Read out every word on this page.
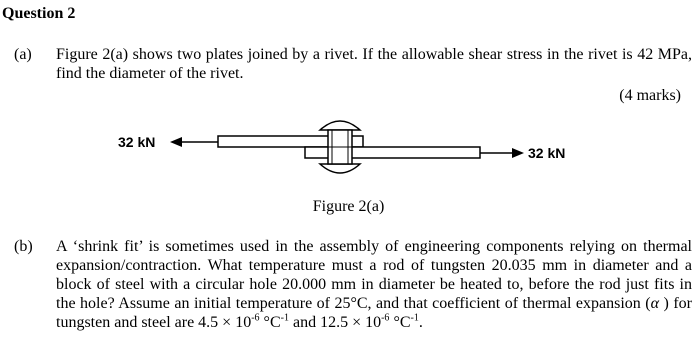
Question 2
(a) Figure 2(a) shows two plates joined by a rivet. If the allowable shear stress in the rivet is 42 MPa, find the diameter of the rivet.
(4 marks)
32 kN
32 kN
Figure 2(a)
(b) A ‘shrink fit’ is sometimes used in the assembly of engineering components relying on thermal expansion/contraction. What temperature must a rod of tungsten 20.035 mm in diameter and a block of steel with a circular hole 20.000 mm in diameter be heated to, before the rod just fits in the hole? Assume an initial temperature of 25°C, and that coefficient of thermal expansion (α ) for tungsten and steel are $4.5 \times 10^{-6}$ $^\circ C^{-1}$ and $12.5 \times 10^{-6}$ $^\circ C^{-1}$.
